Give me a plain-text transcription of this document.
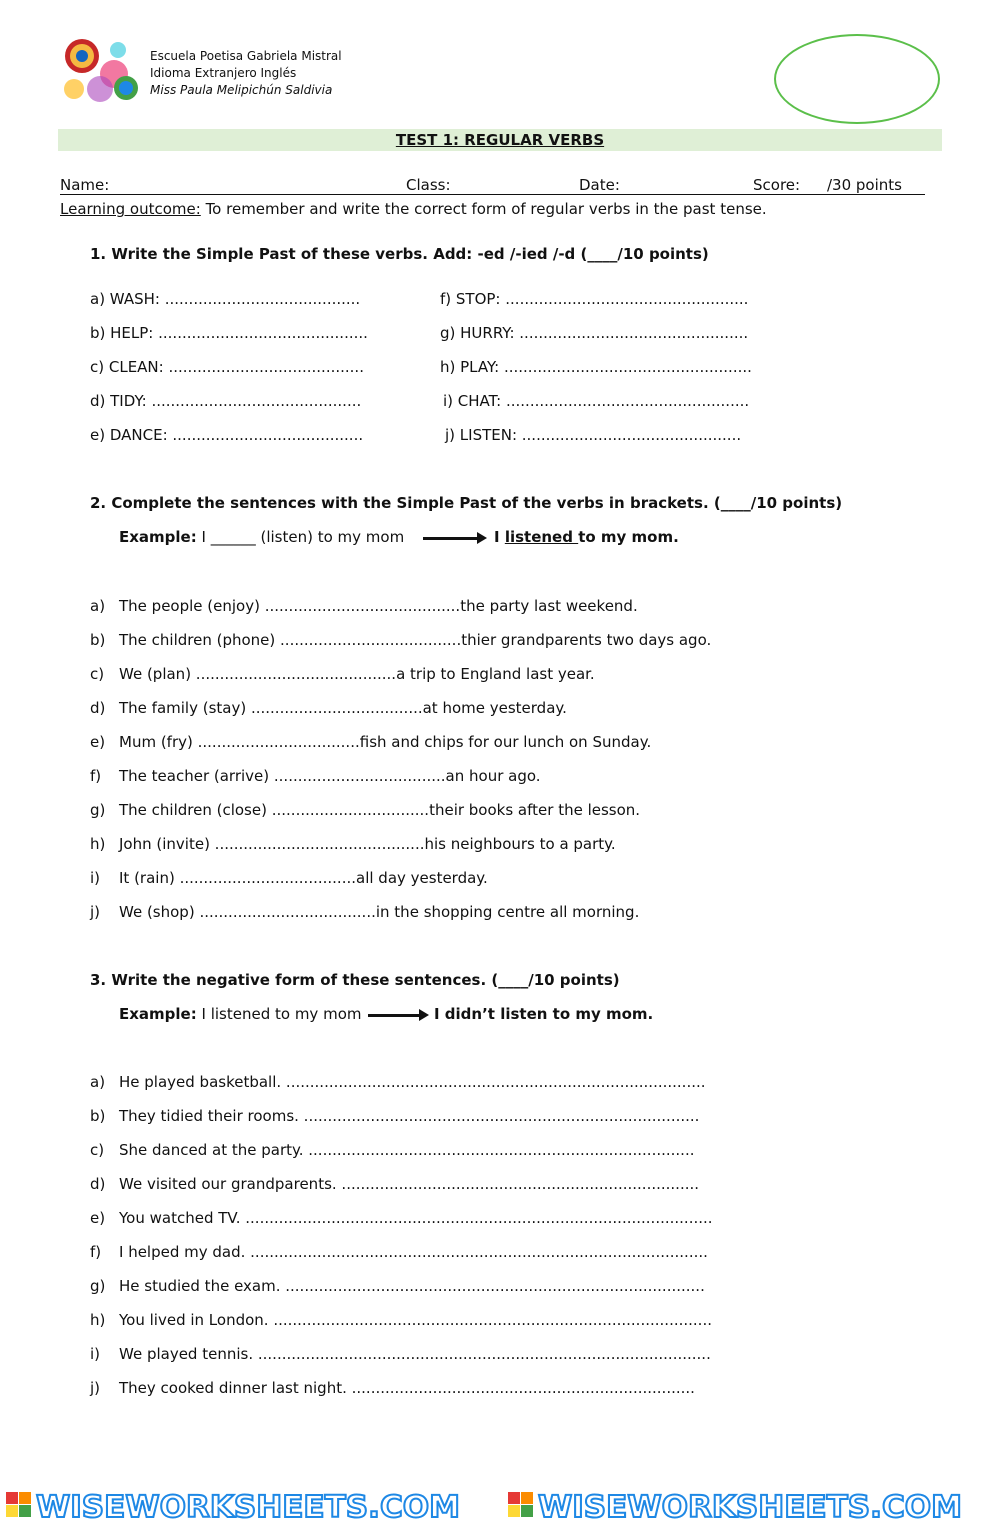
Escuela Poetisa Gabriela Mistral
Idioma Extranjero Inglés
Miss Paula Melipichún Saldivia
TEST 1: REGULAR VERBS
Name:	Class:	Date:	Score: /30 points
Learning outcome: To remember and write the correct form of regular verbs in the past tense.
1. Write the Simple Past of these verbs. Add: -ed /-ied /-d (____/10 points)
a) WASH: .........................................
b) HELP: ............................................
c) CLEAN: .........................................
d) TIDY: ............................................
e) DANCE: ........................................
f) STOP: ...................................................
g) HURRY: ................................................
h) PLAY: ....................................................
i) CHAT: ...................................................
j) LISTEN: ..............................................
2. Complete the sentences with the Simple Past of the verbs in brackets. (____/10 points)
Example: I ______ (listen) to my mom	I listened to my mom.
a) The people (enjoy) .........................................the party last weekend.
b) The children (phone) ......................................thier grandparents two days ago.
c) We (plan) ..........................................a trip to England last year.
d) The family (stay) ....................................at home yesterday.
e) Mum (fry) ..................................fish and chips for our lunch on Sunday.
f) The teacher (arrive) ....................................an hour ago.
g) The children (close) .................................their books after the lesson.
h) John (invite) ............................................his neighbours to a party.
i) It (rain) .....................................all day yesterday.
j) We (shop) .....................................in the shopping centre all morning.
3. Write the negative form of these sentences. (____/10 points)
Example: I listened to my mom	I didn’t listen to my mom.
a) He played basketball. ........................................................................................
b) They tidied their rooms. ...................................................................................
c) She danced at the party. .................................................................................
d) We visited our grandparents. ...........................................................................
e) You watched TV. ..................................................................................................
f) I helped my dad. ................................................................................................
g) He studied the exam. ........................................................................................
h) You lived in London. ............................................................................................
i) We played tennis. ...............................................................................................
j) They cooked dinner last night. ........................................................................
WISEWORKSHEETS.COM	WISEWORKSHEETS.COM
